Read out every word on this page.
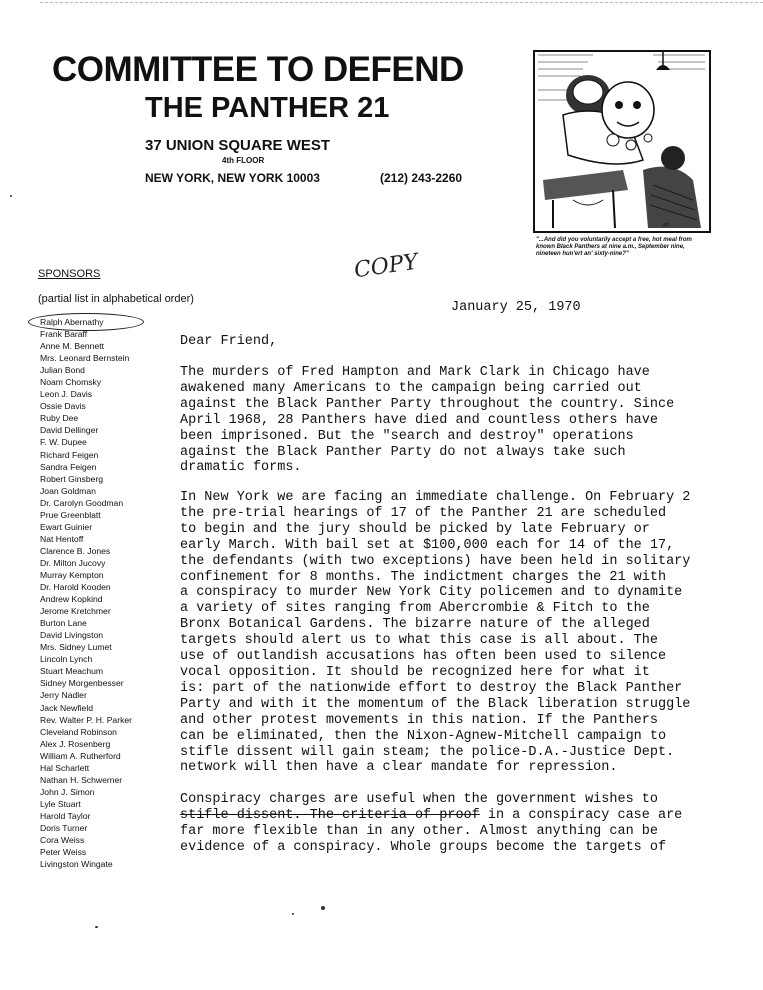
COMMITTEE TO DEFEND
THE PANTHER 21
37 UNION SQUARE WEST
4th FLOOR
NEW YORK, NEW YORK 10003	(212) 243-2260
art
"...And did you voluntarily accept a free, hot meal from known Black Panthers at nine a.m., September nine, nineteen hun'ert an' sixty-nine?"
COPY
SPONSORS
(partial list in alphabetical order)
Ralph Abernathy
Frank Baraff
Anne M. Bennett
Mrs. Leonard Bernstein
Julian Bond
Noam Chomsky
Leon J. Davis
Ossie Davis
Ruby Dee
David Dellinger
F. W. Dupee
Richard Feigen
Sandra Feigen
Robert Ginsberg
Joan Goldman
Dr. Carolyn Goodman
Prue Greenblatt
Ewart Guinier
Nat Hentoff
Clarence B. Jones
Dr. Milton Jucovy
Murray Kempton
Dr. Harold Kooden
Andrew Kopkind
Jerome Kretchmer
Burton Lane
David Livingston
Mrs. Sidney Lumet
Lincoln Lynch
Stuart Meachum
Sidney Morgenbesser
Jerry Nadler
Jack Newfield
Rev. Walter P. H. Parker
Cleveland Robinson
Alex J. Rosenberg
William A. Rutherford
Hal Scharlett
Nathan H. Schwerner
John J. Simon
Lyle Stuart
Harold Taylor
Doris Turner
Cora Weiss
Peter Weiss
Livingston Wingate
January 25, 1970
Dear Friend,
The murders of Fred Hampton and Mark Clark in Chicago have
awakened many Americans to the campaign being carried out
against the Black Panther Party throughout the country. Since
April 1968, 28 Panthers have died and countless others have
been imprisoned. But the "search and destroy" operations
against the Black Panther Party do not always take such
dramatic forms.
In New York we are facing an immediate challenge. On February 2
the pre-trial hearings of 17 of the Panther 21 are scheduled
to begin and the jury should be picked by late February or
early March. With bail set at $100,000 each for 14 of the 17,
the defendants (with two exceptions) have been held in solitary
confinement for 8 months. The indictment charges the 21 with
a conspiracy to murder New York City policemen and to dynamite
a variety of sites ranging from Abercrombie & Fitch to the
Bronx Botanical Gardens. The bizarre nature of the alleged
targets should alert us to what this case is all about. The
use of outlandish accusations has often been used to silence
vocal opposition. It should be recognized here for what it
is: part of the nationwide effort to destroy the Black Panther
Party and with it the momentum of the Black liberation struggle
and other protest movements in this nation. If the Panthers
can be eliminated, then the Nixon-Agnew-Mitchell campaign to
stifle dissent will gain steam; the police-D.A.-Justice Dept.
network will then have a clear mandate for repression.
Conspiracy charges are useful when the government wishes to
stifle dissent. The criteria of proof in a conspiracy case are
far more flexible than in any other. Almost anything can be
evidence of a conspiracy. Whole groups become the targets of
